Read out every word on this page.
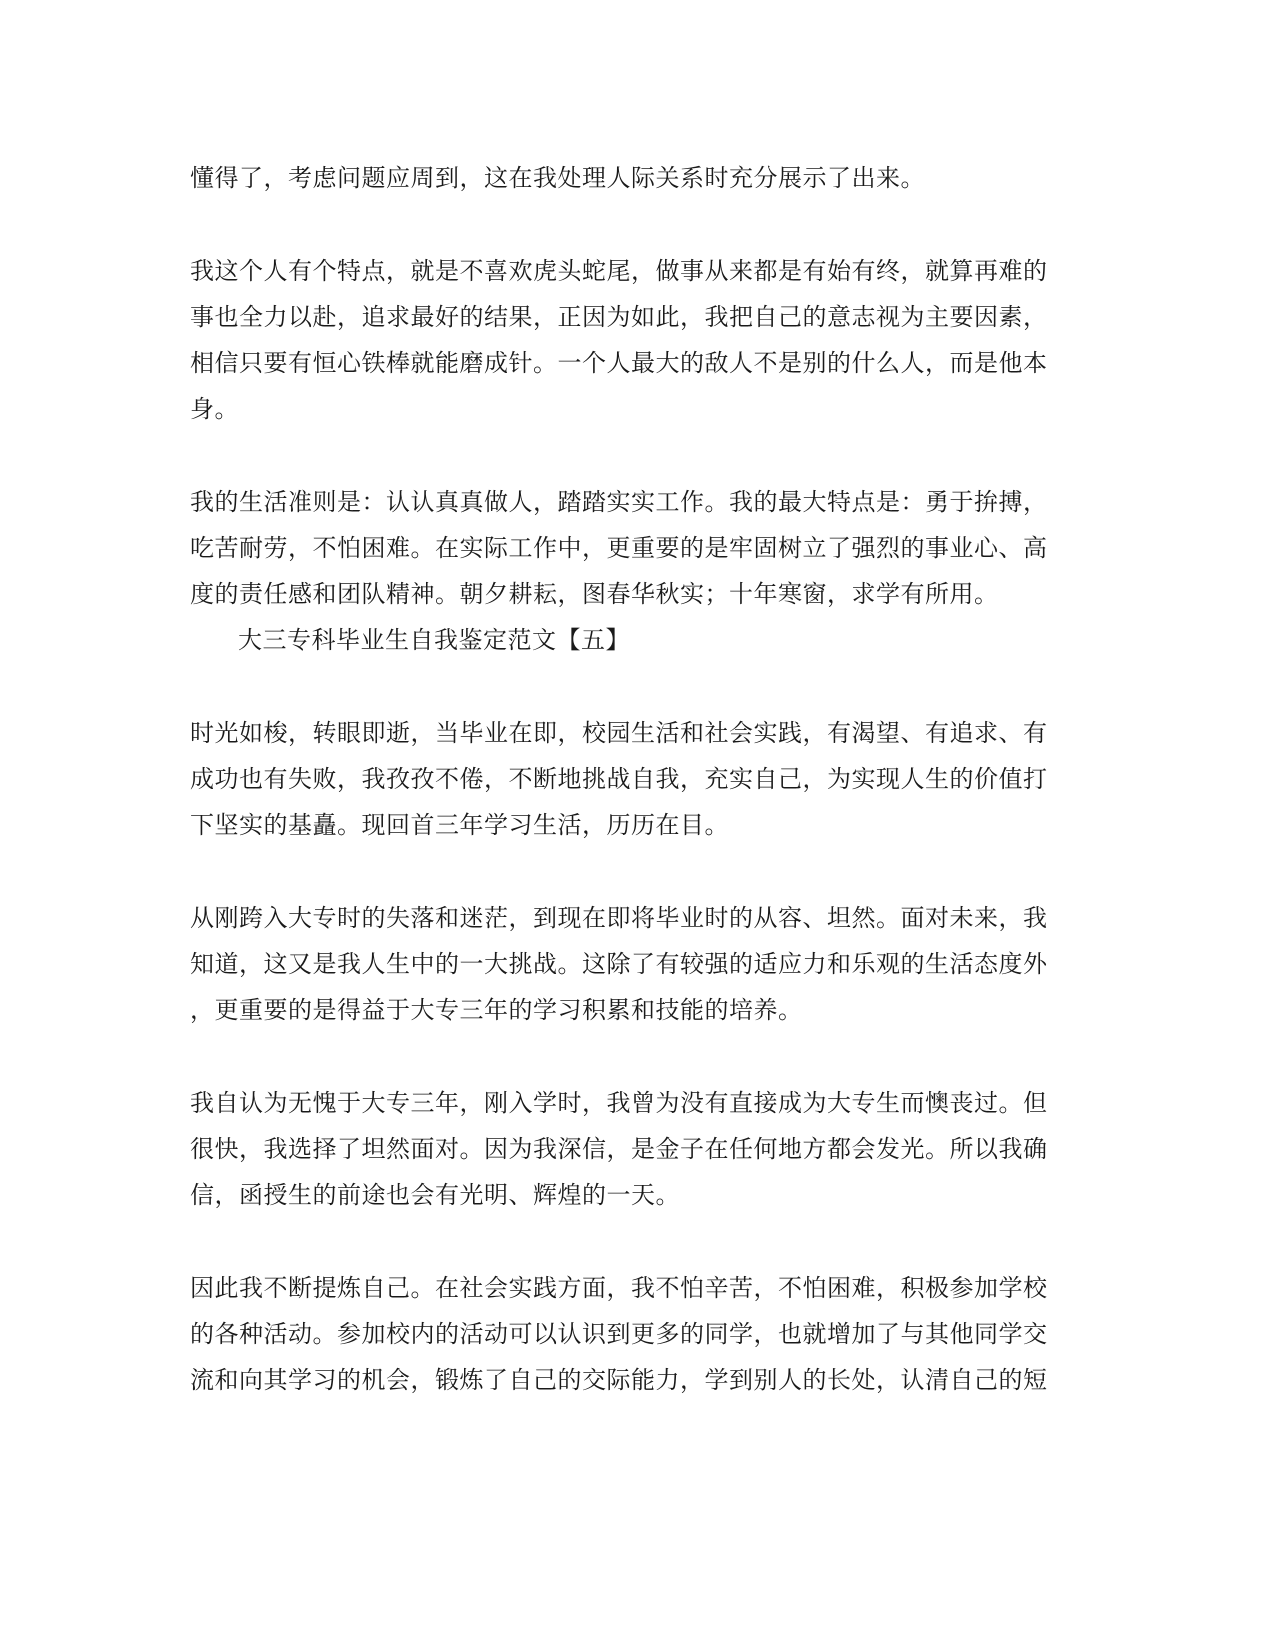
懂得了，考虑问题应周到，这在我处理人际关系时充分展示了出来。
我这个人有个特点，就是不喜欢虎头蛇尾，做事从来都是有始有终，就算再难的
事也全力以赴，追求最好的结果，正因为如此，我把自己的意志视为主要因素，
相信只要有恒心铁棒就能磨成针。一个人最大的敌人不是别的什么人，而是他本
身。
我的生活准则是：认认真真做人，踏踏实实工作。我的最大特点是：勇于拚搏，
吃苦耐劳，不怕困难。在实际工作中，更重要的是牢固树立了强烈的事业心、高
度的责任感和团队精神。朝夕耕耘，图春华秋实；十年寒窗，求学有所用。
大三专科毕业生自我鉴定范文【五】
时光如梭，转眼即逝，当毕业在即，校园生活和社会实践，有渴望、有追求、有
成功也有失败，我孜孜不倦，不断地挑战自我，充实自己，为实现人生的价值打
下坚实的基矗。现回首三年学习生活，历历在目。
从刚跨入大专时的失落和迷茫，到现在即将毕业时的从容、坦然。面对未来，我
知道，这又是我人生中的一大挑战。这除了有较强的适应力和乐观的生活态度外
，更重要的是得益于大专三年的学习积累和技能的培养。
我自认为无愧于大专三年，刚入学时，我曾为没有直接成为大专生而懊丧过。但
很快，我选择了坦然面对。因为我深信，是金子在任何地方都会发光。所以我确
信，函授生的前途也会有光明、辉煌的一天。
因此我不断提炼自己。在社会实践方面，我不怕辛苦，不怕困难，积极参加学校
的各种活动。参加校内的活动可以认识到更多的同学，也就增加了与其他同学交
流和向其学习的机会，锻炼了自己的交际能力，学到别人的长处，认清自己的短
